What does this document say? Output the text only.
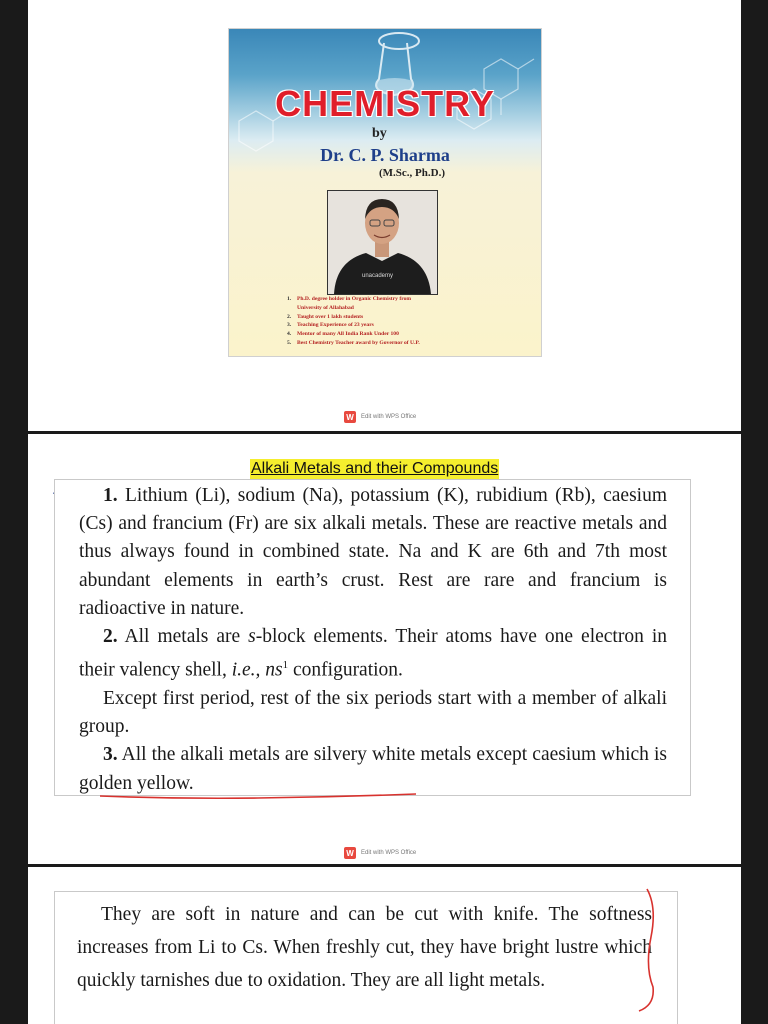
CHEMISTRY
by
Dr. C. P. Sharma
(M.Sc., Ph.D.)
unacademy
1. Ph.D. degree holder in Organic Chemistry from
University of Allahabad
2. Taught over 1 lakh students
3. Teaching Experience of 23 years
4. Mentor of many All India Rank Under 100
5. Best Chemistry Teacher award by Governor of U.P.
W	Edit with WPS Office
Alkali Metals and their Compounds

1. Lithium (Li), sodium (Na), potassium (K), rubidium (Rb), caesium (Cs) and francium (Fr) are six alkali metals. These are reactive metals and thus always found in combined state. Na and K are 6th and 7th most abundant elements in earth’s crust. Rest are rare and francium is radioactive in nature.

2. All metals are s-block elements. Their atoms have one electron in their valency shell, i.e., $ns^1$ configuration.

Except first period, rest of the six periods start with a member of alkali group.

3. All the alkali metals are silvery white metals except caesium which is golden yellow.

W	Edit with WPS Office

They are soft in nature and can be cut with knife. The softness increases from Li to Cs. When freshly cut, they have bright lustre which quickly tarnishes due to oxidation. They are all light metals.
